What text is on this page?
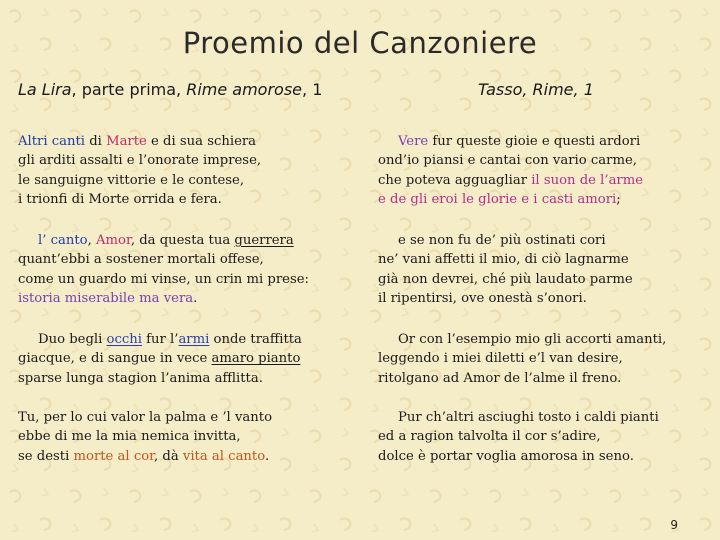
Proemio del Canzoniere
La Lira, parte prima, Rime amorose, 1	Tasso, Rime, 1
Altri canti di Marte e di sua schiera
gli arditi assalti e l’onorate imprese,
le sanguigne vittorie e le contese,
i trionfi di Morte orrida e fera.
l’ canto, Amor, da questa tua guerrera
quant’ebbi a sostener mortali offese,
come un guardo mi vinse, un crin mi prese:
istoria miserabile ma vera.
Duo begli occhi fur l’armi onde traffitta
giacque, e di sangue in vece amaro pianto
sparse lunga stagion l’anima afflitta.
Tu, per lo cui valor la palma e ’l vanto
ebbe di me la mia nemica invitta,
se desti morte al cor, dà vita al canto.
Vere fur queste gioie e questi ardori
ond’io piansi e cantai con vario carme,
che poteva agguagliar il suon de l’arme
e de gli eroi le glorie e i casti amori;
e se non fu de’ più ostinati cori
ne’ vani affetti il mio, di ciò lagnarme
già non devrei, ché più laudato parme
il ripentirsi, ove onestà s’onori.
Or con l’esempio mio gli accorti amanti,
leggendo i miei diletti e’l van desire,
ritolgano ad Amor de l’alme il freno.
Pur ch’altri asciughi tosto i caldi pianti
ed a ragion talvolta il cor s’adire,
dolce è portar voglia amorosa in seno.
9
